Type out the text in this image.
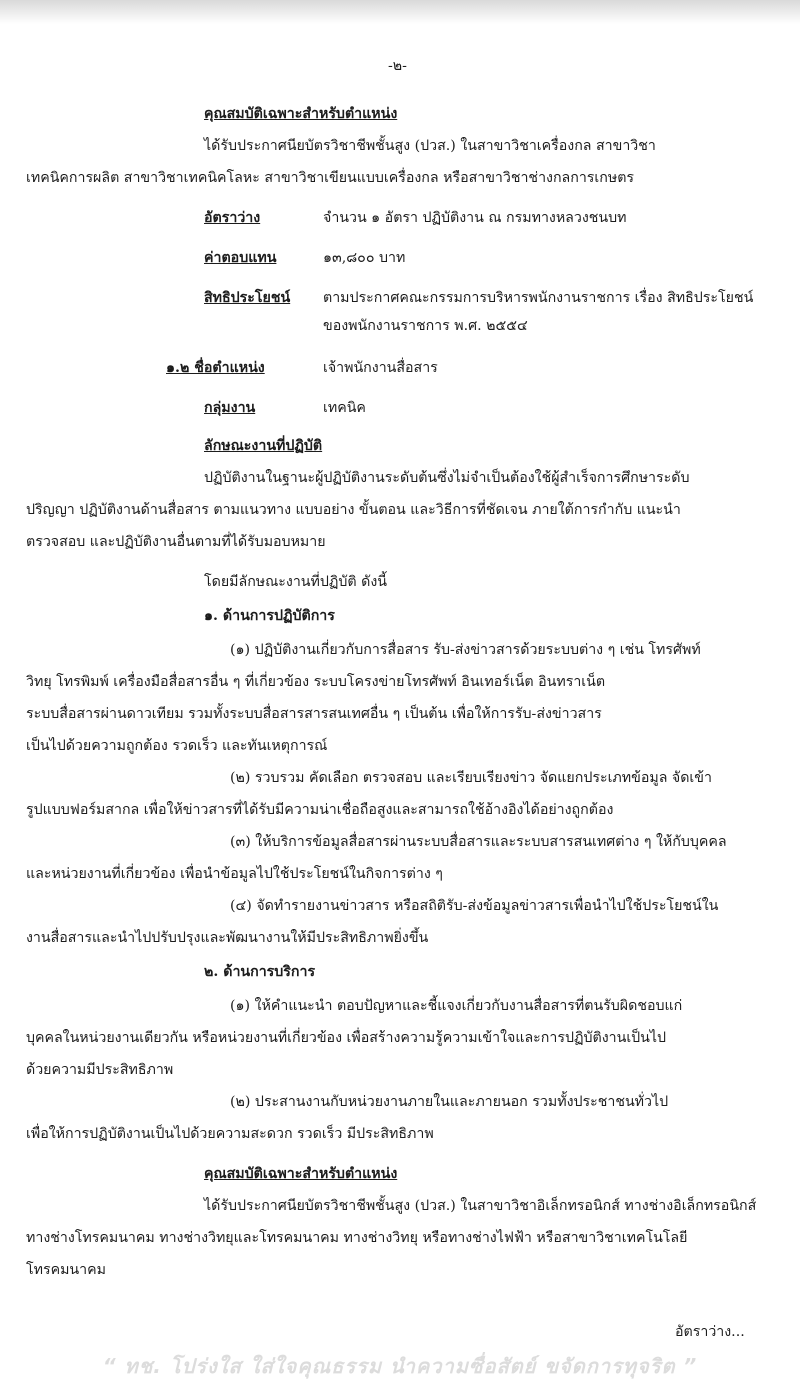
-๒-
คุณสมบัติเฉพาะสำหรับตำแหน่ง
ได้รับประกาศนียบัตรวิชาชีพชั้นสูง (ปวส.) ในสาขาวิชาเครื่องกล สาขาวิชา
เทคนิคการผลิต สาขาวิชาเทคนิคโลหะ สาขาวิชาเขียนแบบเครื่องกล หรือสาขาวิชาช่างกลการเกษตร
อัตราว่าง	จำนวน ๑ อัตรา ปฏิบัติงาน ณ กรมทางหลวงชนบท
ค่าตอบแทน	๑๓,๘๐๐ บาท
สิทธิประโยชน์ ตามประกาศคณะกรรมการบริหารพนักงานราชการ เรื่อง สิทธิประโยชน์
ของพนักงานราชการ พ.ศ. ๒๕๕๔
๑.๒ ชื่อตำแหน่ง	เจ้าพนักงานสื่อสาร
กลุ่มงาน	เทคนิค
ลักษณะงานที่ปฏิบัติ
ปฏิบัติงานในฐานะผู้ปฏิบัติงานระดับต้นซึ่งไม่จำเป็นต้องใช้ผู้สำเร็จการศึกษาระดับ
ปริญญา ปฏิบัติงานด้านสื่อสาร ตามแนวทาง แบบอย่าง ขั้นตอน และวิธีการที่ชัดเจน ภายใต้การกำกับ แนะนำ
ตรวจสอบ และปฏิบัติงานอื่นตามที่ได้รับมอบหมาย
โดยมีลักษณะงานที่ปฏิบัติ ดังนี้
๑. ด้านการปฏิบัติการ
(๑) ปฏิบัติงานเกี่ยวกับการสื่อสาร รับ-ส่งข่าวสารด้วยระบบต่าง ๆ เช่น โทรศัพท์
วิทยุ โทรพิมพ์ เครื่องมือสื่อสารอื่น ๆ ที่เกี่ยวข้อง ระบบโครงข่ายโทรศัพท์ อินเทอร์เน็ต อินทราเน็ต
ระบบสื่อสารผ่านดาวเทียม รวมทั้งระบบสื่อสารสารสนเทศอื่น ๆ เป็นต้น เพื่อให้การรับ-ส่งข่าวสาร
เป็นไปด้วยความถูกต้อง รวดเร็ว และทันเหตุการณ์
(๒) รวบรวม คัดเลือก ตรวจสอบ และเรียบเรียงข่าว จัดแยกประเภทข้อมูล จัดเข้า
รูปแบบฟอร์มสากล เพื่อให้ข่าวสารที่ได้รับมีความน่าเชื่อถือสูงและสามารถใช้อ้างอิงได้อย่างถูกต้อง
(๓) ให้บริการข้อมูลสื่อสารผ่านระบบสื่อสารและระบบสารสนเทศต่าง ๆ ให้กับบุคคล
และหน่วยงานที่เกี่ยวข้อง เพื่อนำข้อมูลไปใช้ประโยชน์ในกิจการต่าง ๆ
(๔) จัดทำรายงานข่าวสาร หรือสถิติรับ-ส่งข้อมูลข่าวสารเพื่อนำไปใช้ประโยชน์ใน
งานสื่อสารและนำไปปรับปรุงและพัฒนางานให้มีประสิทธิภาพยิ่งขึ้น
๒. ด้านการบริการ
(๑) ให้คำแนะนำ ตอบปัญหาและชี้แจงเกี่ยวกับงานสื่อสารที่ตนรับผิดชอบแก่
บุคคลในหน่วยงานเดียวกัน หรือหน่วยงานที่เกี่ยวข้อง เพื่อสร้างความรู้ความเข้าใจและการปฏิบัติงานเป็นไป
ด้วยความมีประสิทธิภาพ
(๒) ประสานงานกับหน่วยงานภายในและภายนอก รวมทั้งประชาชนทั่วไป
เพื่อให้การปฏิบัติงานเป็นไปด้วยความสะดวก รวดเร็ว มีประสิทธิภาพ
คุณสมบัติเฉพาะสำหรับตำแหน่ง
ได้รับประกาศนียบัตรวิชาชีพชั้นสูง (ปวส.) ในสาขาวิชาอิเล็กทรอนิกส์ ทางช่างอิเล็กทรอนิกส์
ทางช่างโทรคมนาคม ทางช่างวิทยุและโทรคมนาคม ทางช่างวิทยุ หรือทางช่างไฟฟ้า หรือสาขาวิชาเทคโนโลยี
โทรคมนาคม
อัตราว่าง...
“ ทช. โปร่งใส ใส่ใจคุณธรรม นำความซื่อสัตย์ ขจัดการทุจริต ”
